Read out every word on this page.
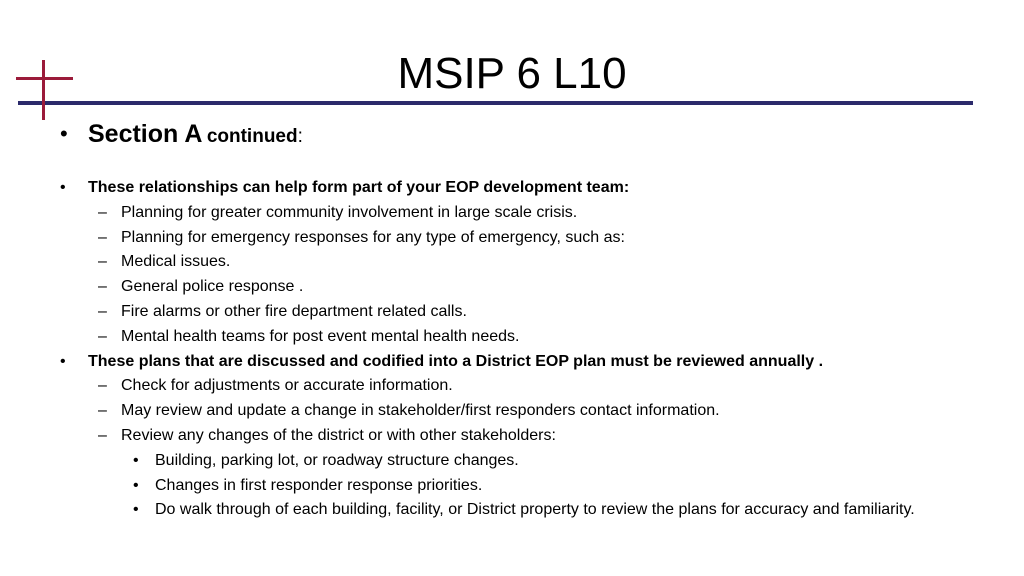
MSIP 6 L10
• Section A continued:
• These relationships can help form part of your EOP development team:
– Planning for greater community involvement in large scale crisis.
– Planning for emergency responses for any type of emergency, such as:
– Medical issues.
– General police response .
– Fire alarms or other fire department related calls.
– Mental health teams for post event mental health needs.
• These plans that are discussed and codified into a District EOP plan must be reviewed annually .
– Check for adjustments or accurate information.
– May review and update a change in stakeholder/first responders contact information.
– Review any changes of the district or with other stakeholders:
• Building, parking lot, or roadway structure changes.
• Changes in first responder response priorities.
• Do walk through of each building, facility, or District property to review the plans for accuracy and familiarity.
